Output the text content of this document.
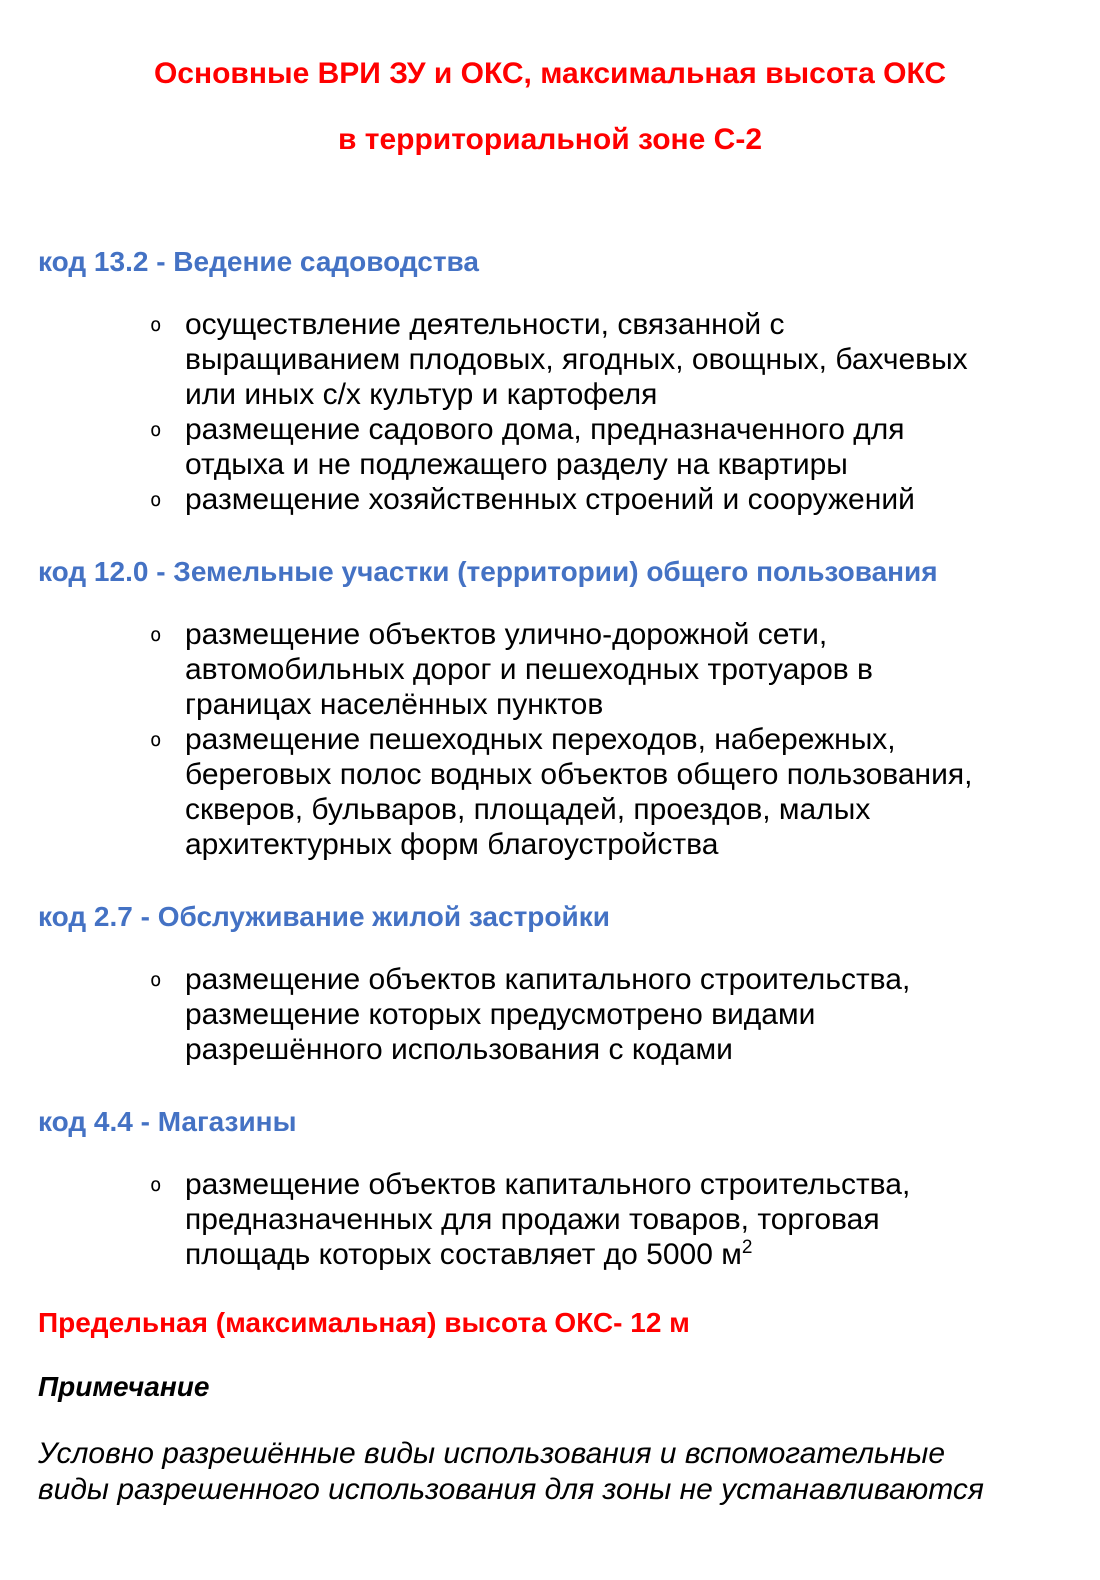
Основные ВРИ ЗУ и ОКС, максимальная высота ОКС
в территориальной зоне С-2
код 13.2 - Ведение садоводства
o осуществление деятельности, связанной с выращиванием плодовых, ягодных, овощных, бахчевых или иных с/х культур и картофеля
o размещение садового дома, предназначенного для отдыха и не подлежащего разделу на квартиры
o размещение хозяйственных строений и сооружений
код 12.0 - Земельные участки (территории) общего пользования
o размещение объектов улично-дорожной сети, автомобильных дорог и пешеходных тротуаров в границах населённых пунктов
o размещение пешеходных переходов, набережных, береговых полос водных объектов общего пользования, скверов, бульваров, площадей, проездов, малых архитектурных форм благоустройства
код 2.7 - Обслуживание жилой застройки
o размещение объектов капитального строительства, размещение которых предусмотрено видами разрешённого использования с кодами
код 4.4 - Магазины
o размещение объектов капитального строительства, предназначенных для продажи товаров, торговая площадь которых составляет до 5000 $м^2$
Предельная (максимальная) высота ОКС- 12 м
Примечание
Условно разрешённые виды использования и вспомогательные виды разрешенного использования для зоны не устанавливаются
